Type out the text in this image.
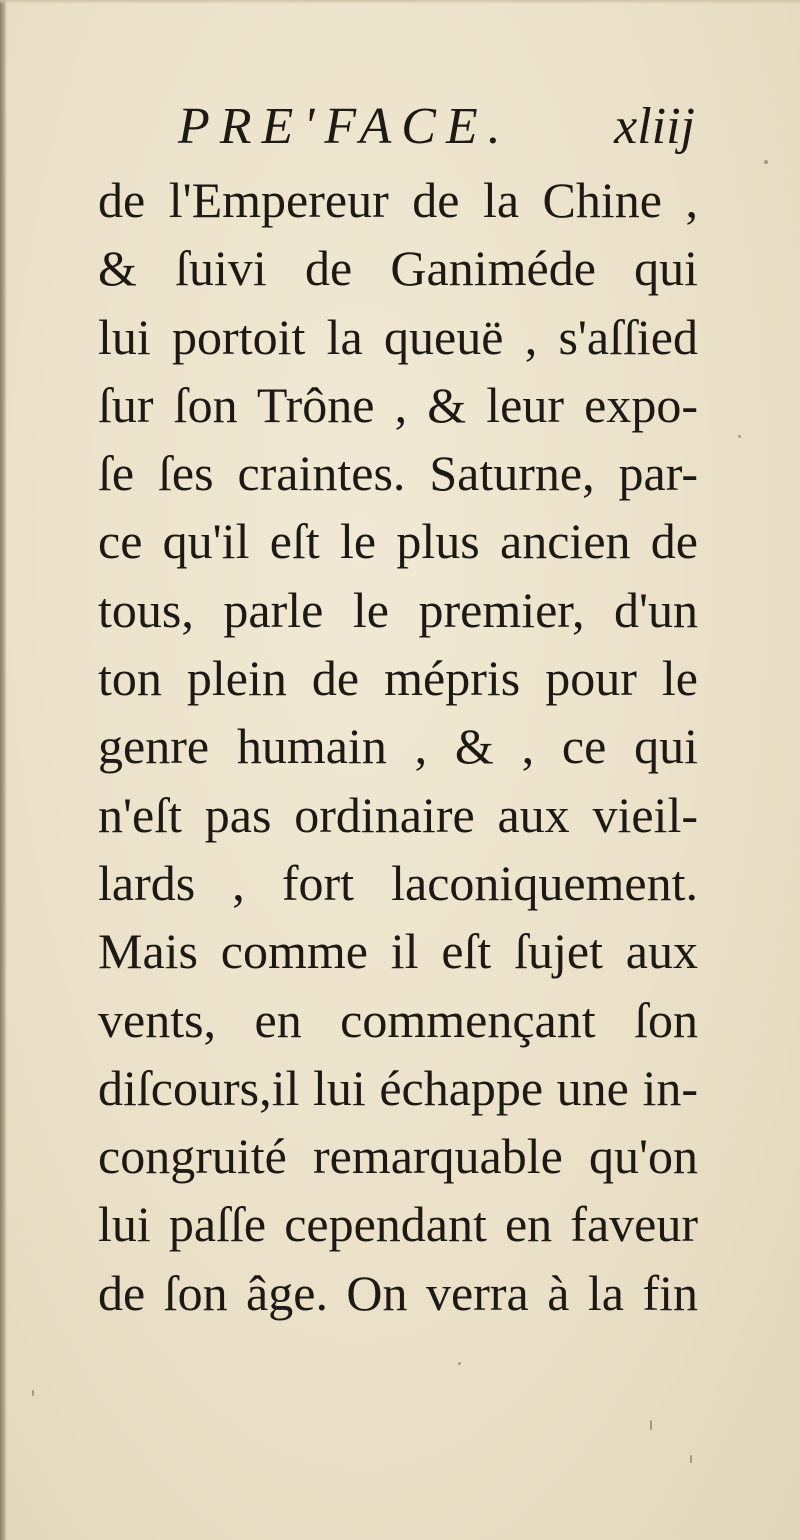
PRE'FACE. xliij
de l'Empereur de la Chine ,
& ſuivi de Ganiméde qui
lui portoit la queuë , s'aſſied
ſur ſon Trône , & leur expo-
ſe ſes craintes. Saturne, par-
ce qu'il eſt le plus ancien de
tous, parle le premier, d'un
ton plein de mépris pour le
genre humain , & , ce qui
n'eſt pas ordinaire aux vieil-
lards , fort laconiquement.
Mais comme il eſt ſujet aux
vents, en commençant ſon
diſcours,il lui échappe une in-
congruité remarquable qu'on
lui paſſe cependant en faveur
de ſon âge. On verra à la fin
